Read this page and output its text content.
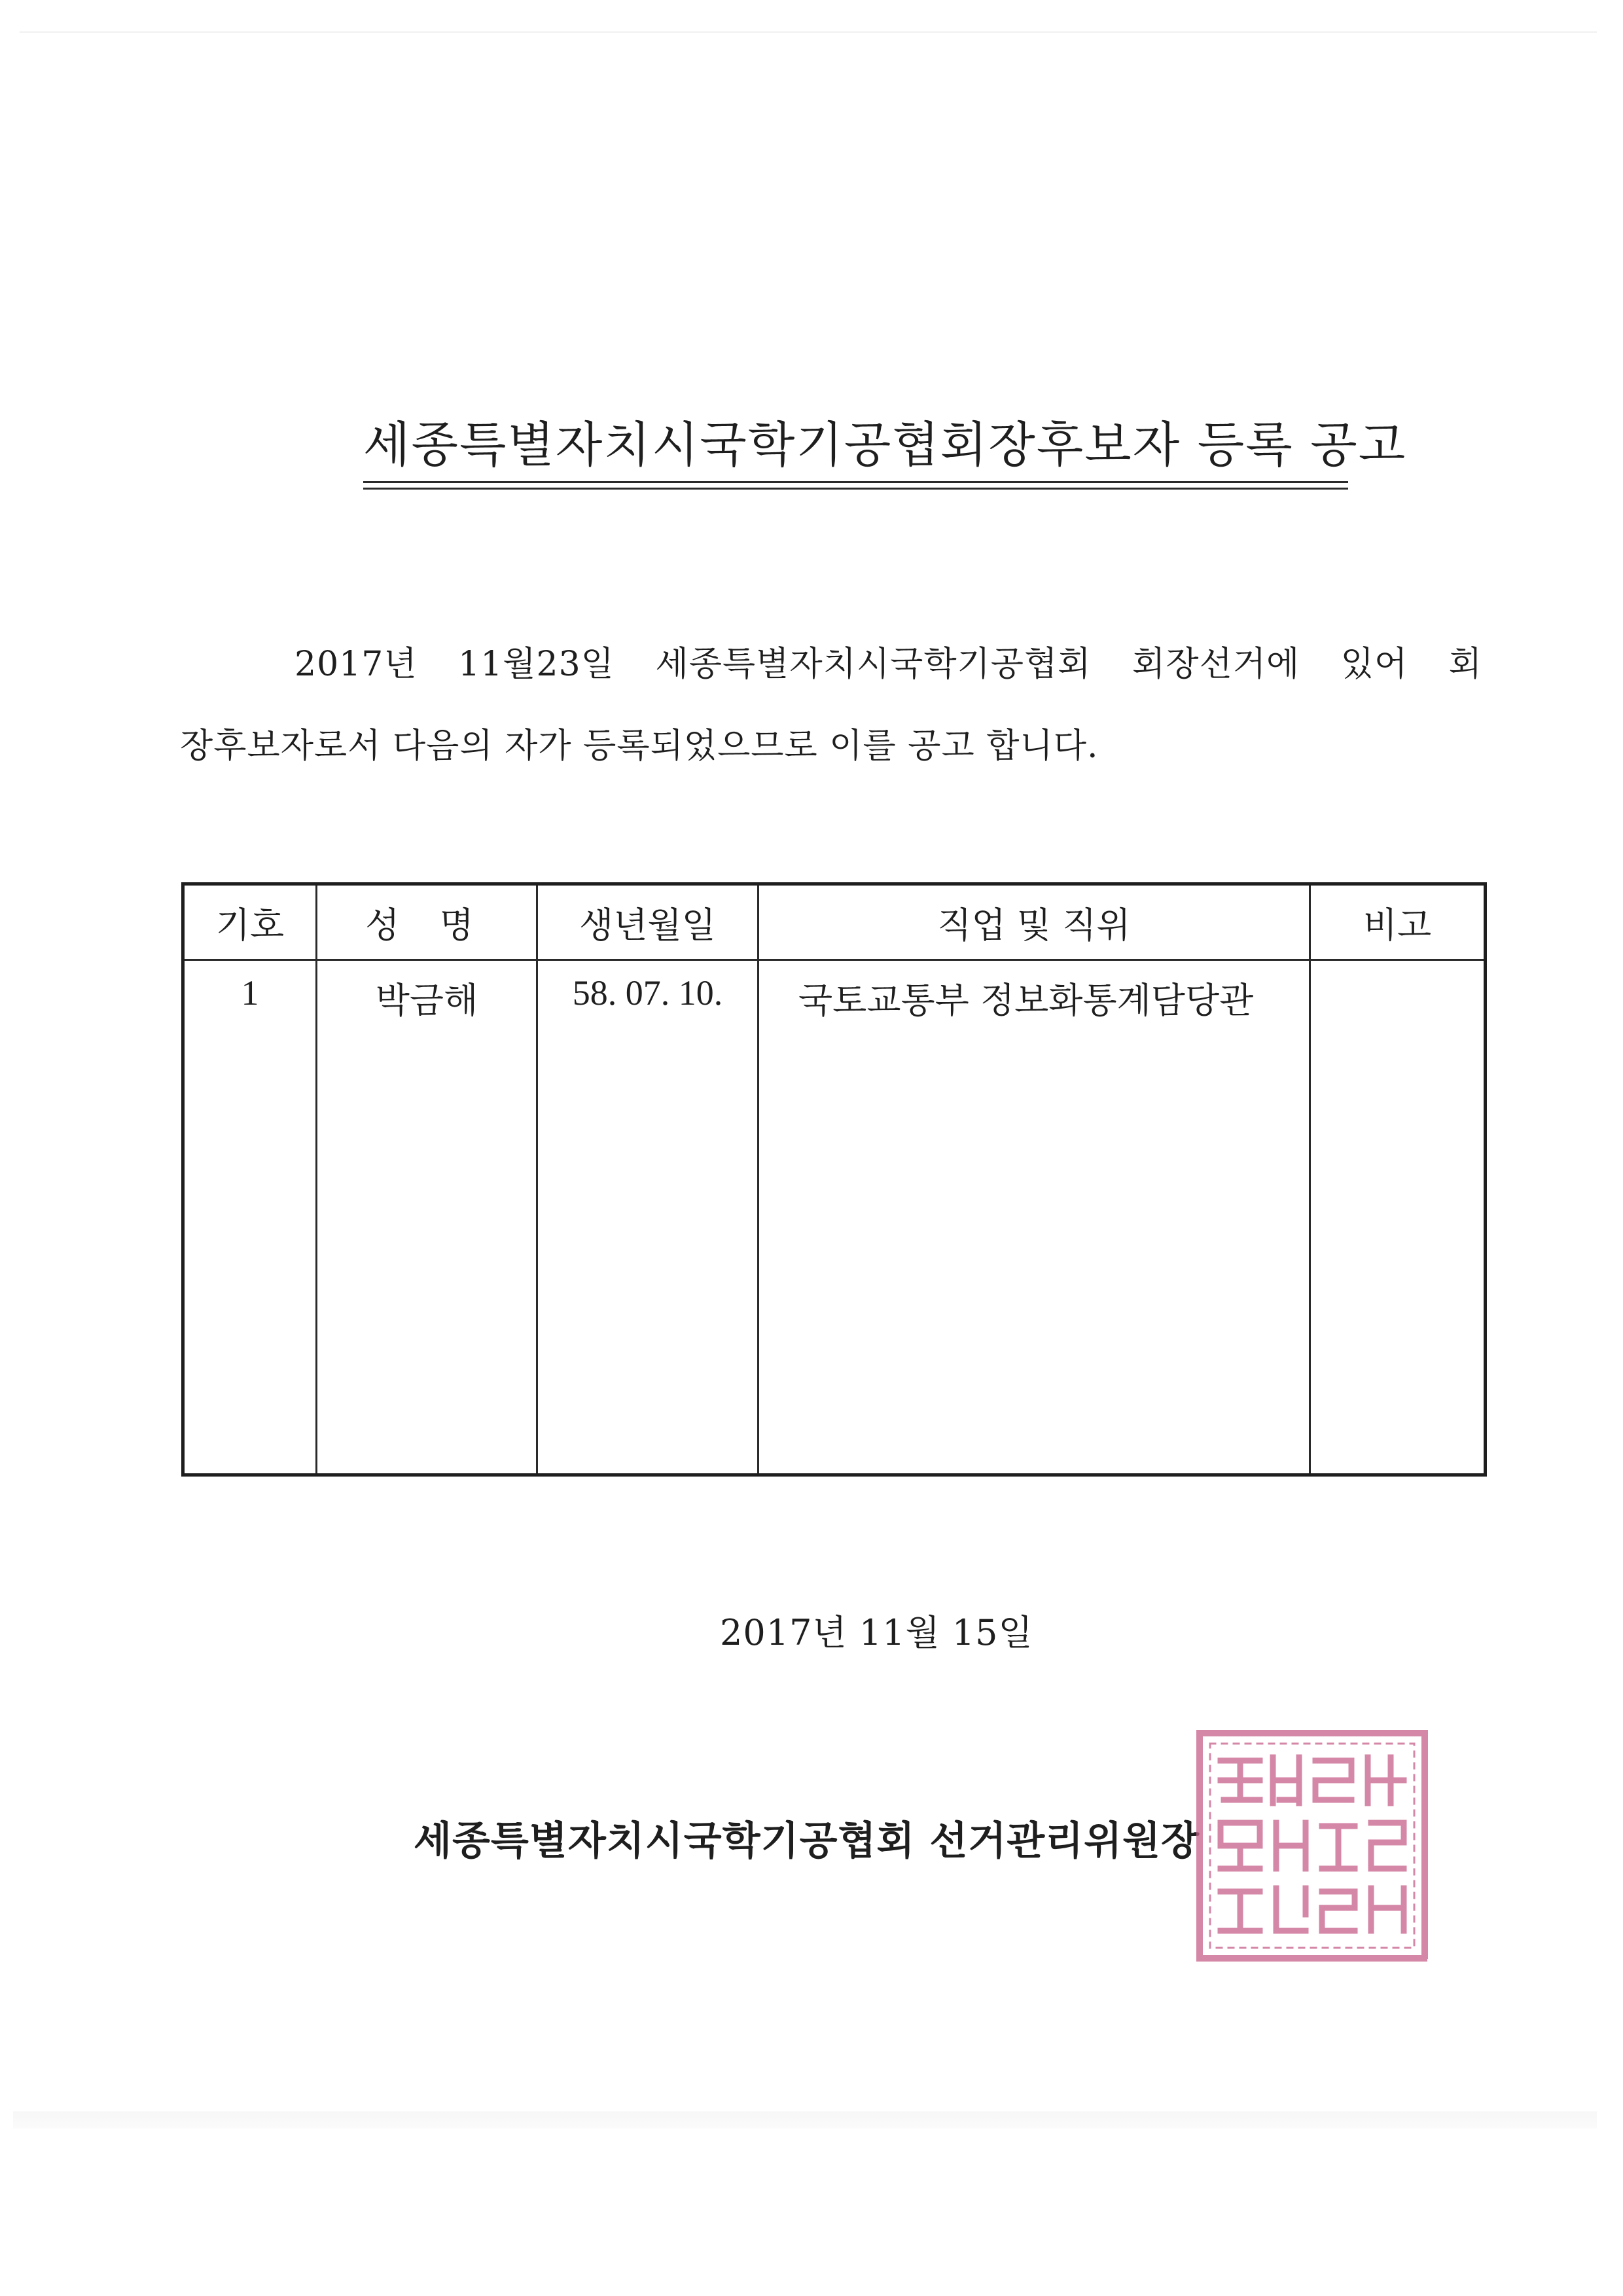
세종특별자치시국학기공협회장후보자 등록 공고
2017년 11월23일 세종특별자치시국학기공협회 회장선거에 있어 회
장후보자로서 다음의 자가 등록되었으므로 이를 공고 합니다.
기호	성 명	생년월일	직업 및 직위	비고
1	박금해	58. 07. 10.	국토교통부 정보화통계담당관	
2017년 11월 15일
세종특별자치시국학기공협회 선거관리위원장
